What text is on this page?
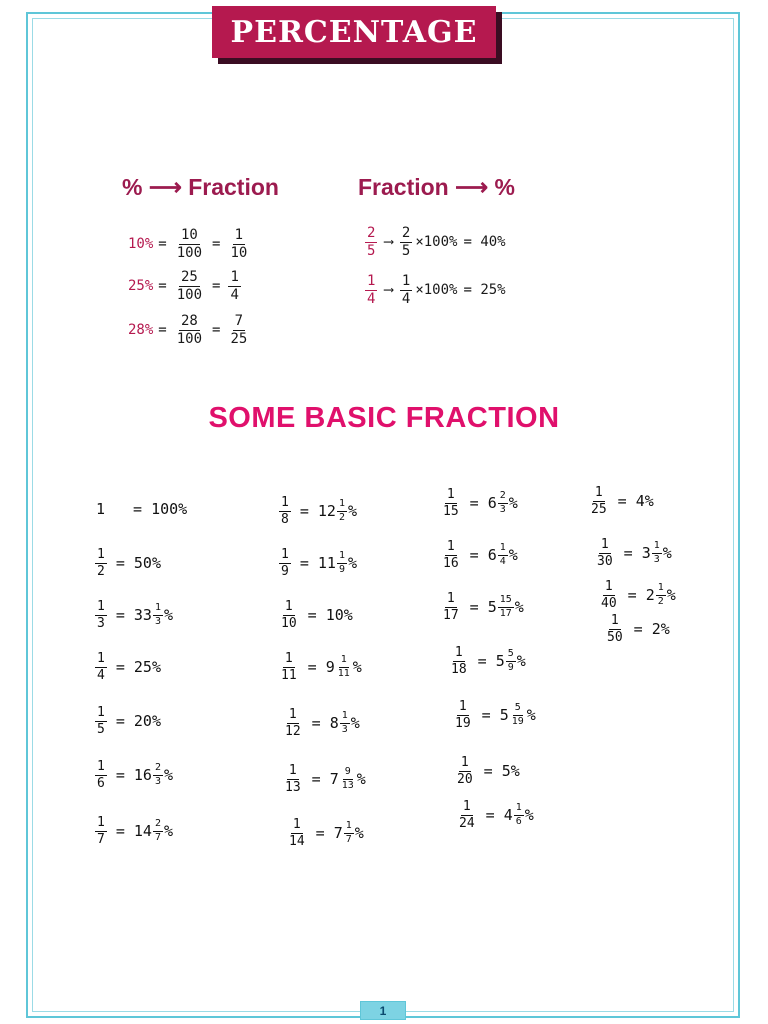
PERCENTAGE
% ⟶ Fraction	Fraction ⟶ %
$10\% = \frac{10}{100} = \frac{1}{10}$
$25\% = \frac{25}{100} = \frac{1}{4}$
$28\% = \frac{28}{100} = \frac{7}{25}$
$\frac{2}{5}$ ⟶ $\frac{2}{5} \times 100\% = 40\%$
$\frac{1}{4}$ ⟶ $\frac{1}{4} \times 100\% = 25\%$
SOME BASIC FRACTION
1 = 100%
$\frac{1}{2} = 50\%$
$\frac{1}{3} = 33 \frac{1}{3}$ %
$\frac{1}{4} = 25\%$
$\frac{1}{5} = 20\%$
$\frac{1}{6} = 16 \frac{2}{3}$ %
$\frac{1}{7} = 14 \frac{2}{7}$ %
$\frac{1}{8} = 12 \frac{1}{2}$ %
$\frac{1}{9} = 11 \frac{1}{9}$ %
$\frac{1}{10} = 10\%$
$\frac{1}{11} = 9 \frac{1}{11}$ %
$\frac{1}{12} = 8 \frac{1}{3}$ %
$\frac{1}{13} = 7 \frac{9}{13}$ %
$\frac{1}{14} = 7 \frac{1}{7}$ %
$\frac{1}{15} = 6 \frac{2}{3}$ %
$\frac{1}{16} = 6 \frac{1}{4}$ %
$\frac{1}{17} = 5 \frac{15}{17}$ %
$\frac{1}{18} = 5 \frac{5}{9}$ %
$\frac{1}{19} = 5 \frac{5}{19}$ %
$\frac{1}{20} = 5\%$
$\frac{1}{24} = 4 \frac{1}{6}$ %
$\frac{1}{25} = 4\%$
$\frac{1}{30} = 3 \frac{1}{3}$ %
$\frac{1}{40} = 2 \frac{1}{2}$ %
$\frac{1}{50} = 2\%$
1
